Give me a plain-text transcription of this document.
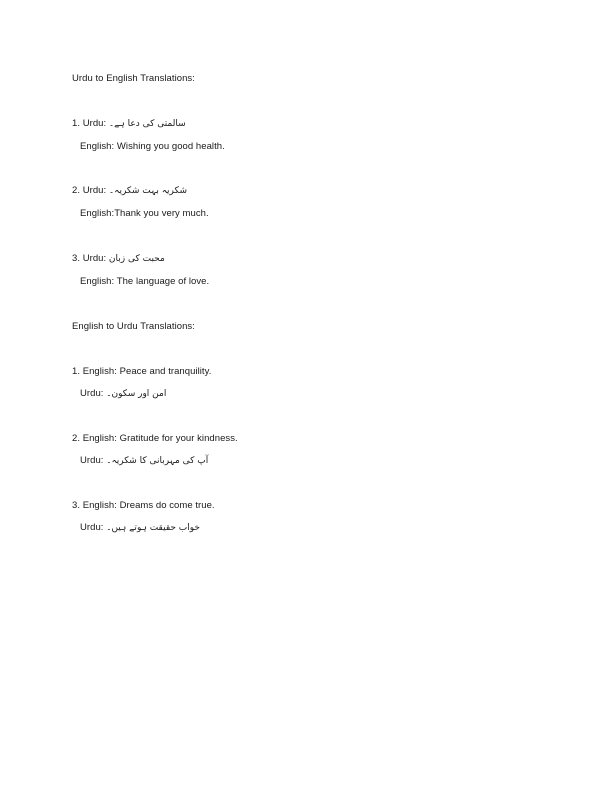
Urdu to English Translations:
1. Urdu: سالمتی کی دعا ہے۔
English: Wishing you good health.
2. Urdu: شکریہ بہت شکریہ۔
English:Thank you very much.
3. Urdu: محبت کی زبان
English: The language of love.
English to Urdu Translations:
1. English: Peace and tranquility.
Urdu: امن اور سکون۔
2. English: Gratitude for your kindness.
Urdu: آپ کی مہربانی کا شکریہ۔
3. English: Dreams do come true.
Urdu: خواب حقیقت ہوتے ہیں۔
